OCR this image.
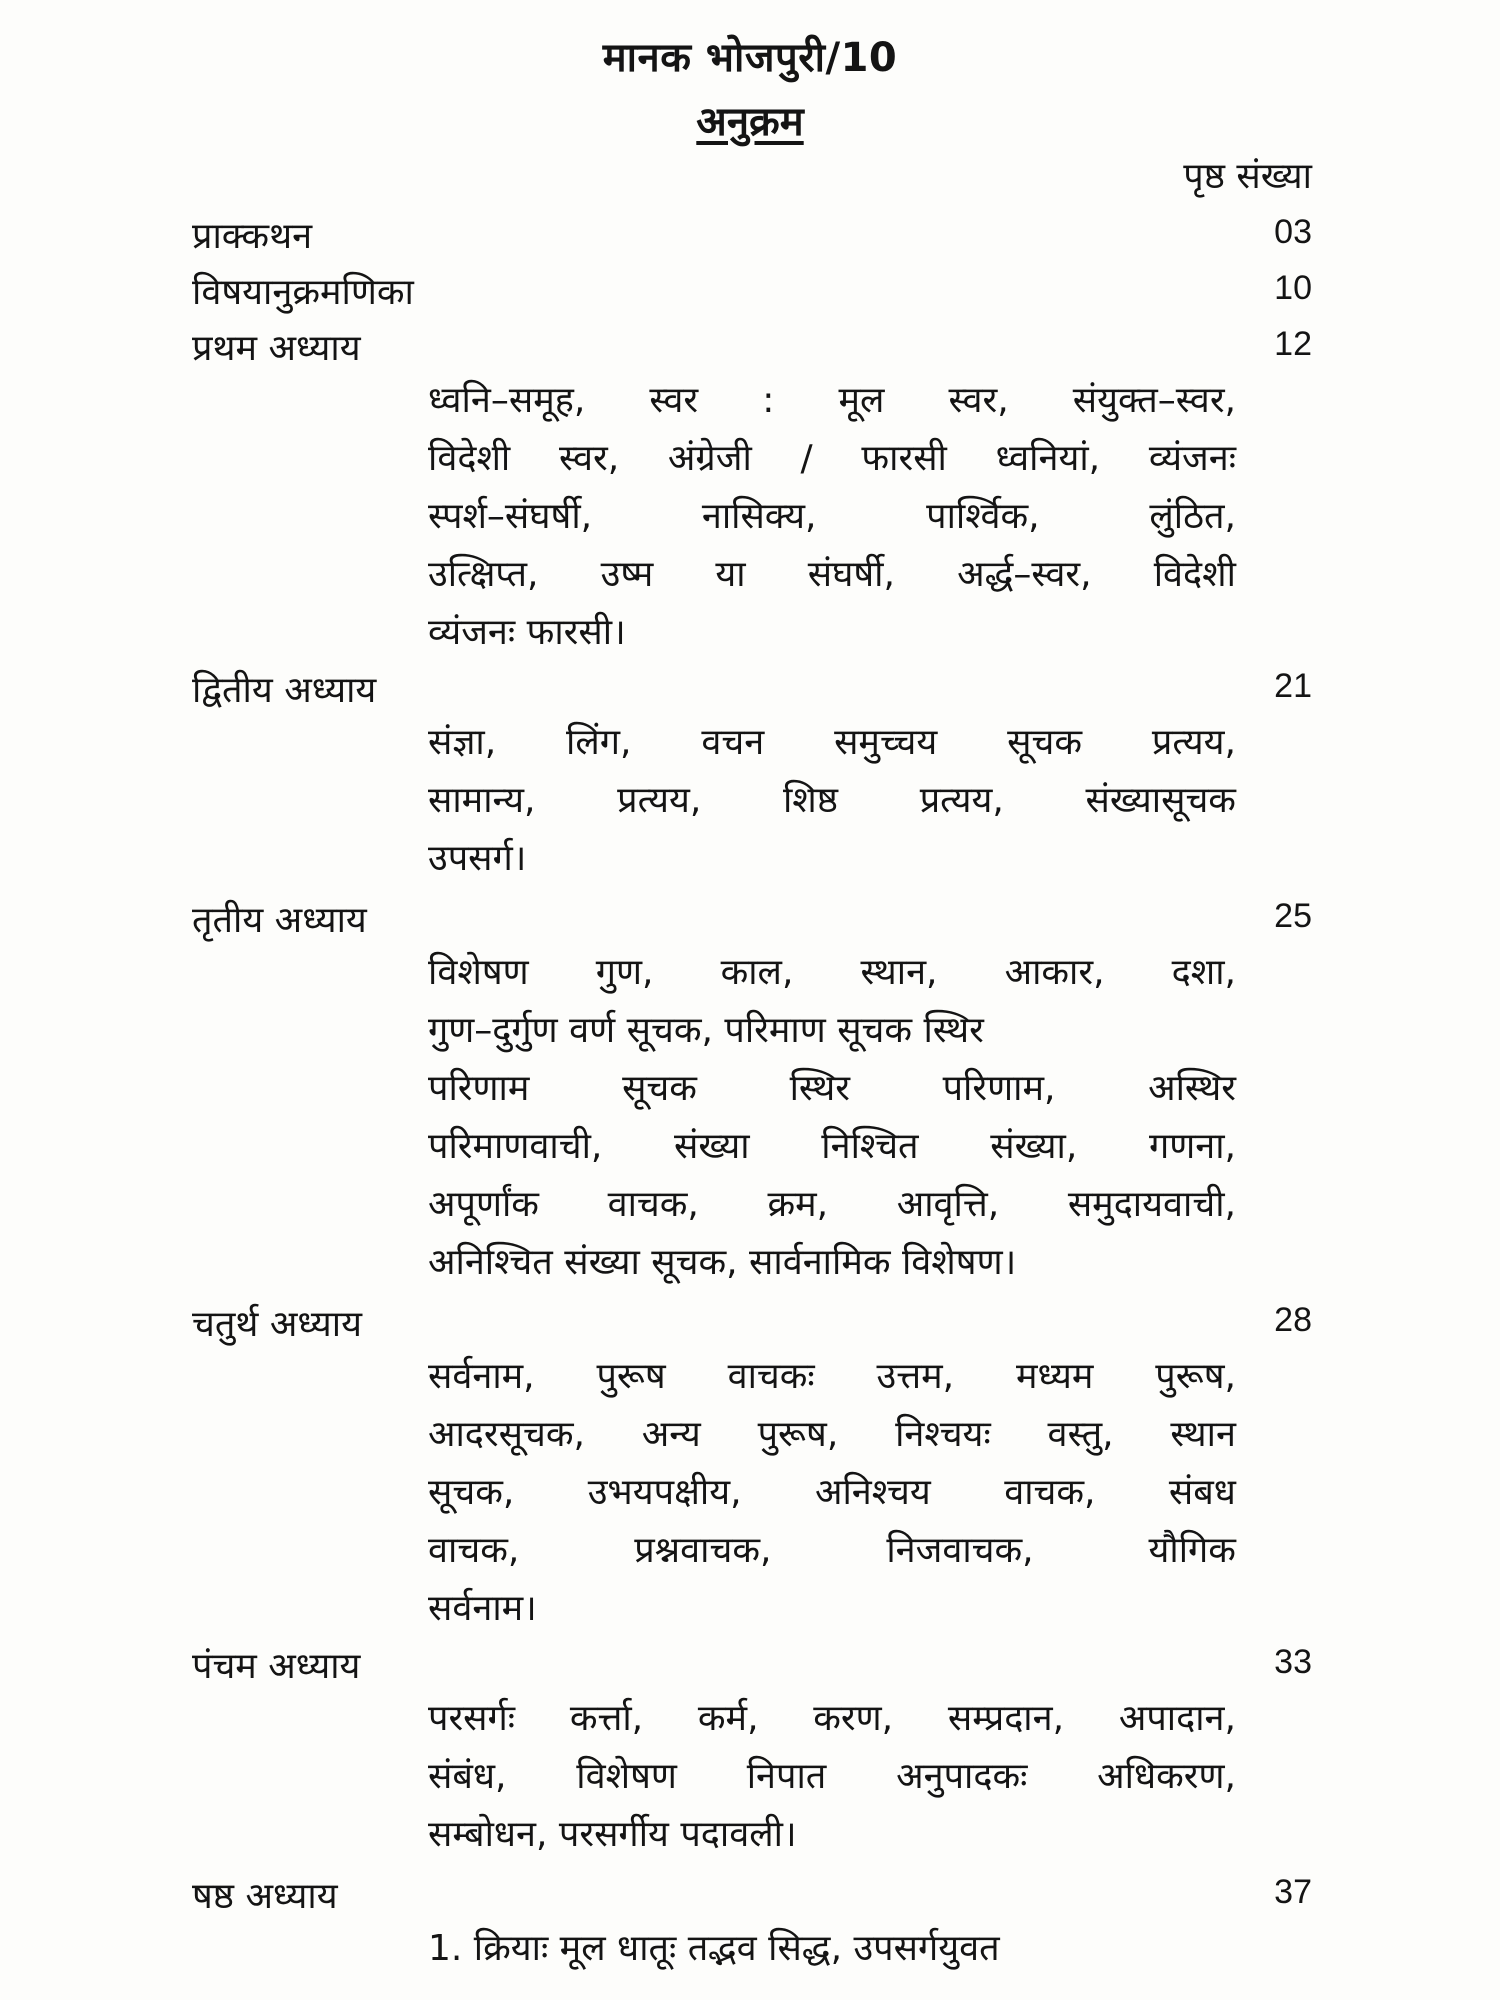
मानक भोजपुरी/10
अनुक्रम
पृष्ठ संख्या
प्राक्कथन	03
विषयानुक्रमणिका	10
प्रथम अध्याय	12
ध्वनि–समूह, स्वर : मूल स्वर, संयुक्त–स्वर,
विदेशी स्वर, अंग्रेजी / फारसी ध्वनियां, व्यंजनः
स्पर्श–संघर्षी,	नासिक्य,	पार्श्विक,	लुंठित,
उत्क्षिप्त, उष्म या संघर्षी, अर्द्ध–स्वर, विदेशी
व्यंजनः फारसी।
द्वितीय अध्याय	21
संज्ञा, लिंग, वचन समुच्चय सूचक प्रत्यय,
सामान्य, प्रत्यय, शिष्ठ प्रत्यय, संख्यासूचक
उपसर्ग।
तृतीय अध्याय	25
विशेषण गुण, काल, स्थान, आकार, दशा,
गुण–दुर्गुण वर्ण सूचक, परिमाण सूचक स्थिर
परिणाम	सूचक	स्थिर	परिणाम,	अस्थिर
परिमाणवाची, संख्या निश्चित संख्या, गणना,
अपूर्णांक वाचक, क्रम, आवृत्ति, समुदायवाची,
अनिश्चित संख्या सूचक, सार्वनामिक विशेषण।
चतुर्थ अध्याय	28
सर्वनाम, पुरूष वाचकः उत्तम, मध्यम पुरूष,
आदरसूचक, अन्य पुरूष, निश्चयः वस्तु, स्थान
सूचक, उभयपक्षीय, अनिश्चय वाचक, संबध
वाचक,	प्रश्नवाचक,	निजवाचक,	यौगिक
सर्वनाम।
पंचम अध्याय	33
परसर्गः कर्त्ता, कर्म, करण, सम्प्रदान, अपादान,
संबंध, विशेषण निपात अनुपादकः अधिकरण,
सम्बोधन, परसर्गीय पदावली।
षष्ठ अध्याय	37
1. क्रियाः मूल धातूः तद्भव सिद्ध, उपसर्गयुवत
